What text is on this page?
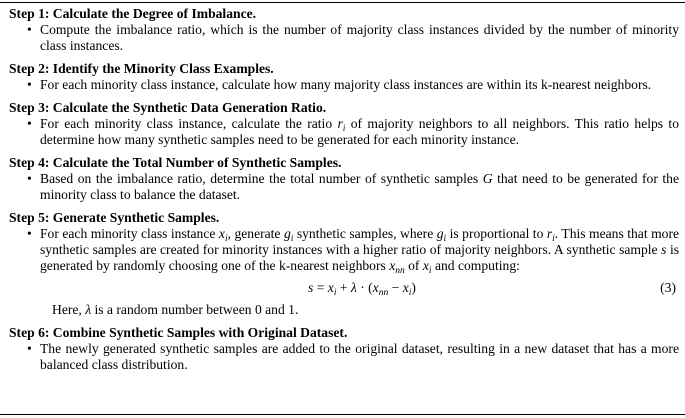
Step 1: Calculate the Degree of Imbalance.
• Compute the imbalance ratio, which is the number of majority class instances divided by the number of minority class instances.
Step 2: Identify the Minority Class Examples.
• For each minority class instance, calculate how many majority class instances are within its k-nearest neighbors.
Step 3: Calculate the Synthetic Data Generation Ratio.
• For each minority class instance, calculate the ratio $r_i$ of majority neighbors to all neighbors. This ratio helps to determine how many synthetic samples need to be generated for each minority instance.
Step 4: Calculate the Total Number of Synthetic Samples.
• Based on the imbalance ratio, determine the total number of synthetic samples G that need to be generated for the minority class to balance the dataset.
Step 5: Generate Synthetic Samples.
• For each minority class instance $x_i$, generate $g_i$ synthetic samples, where $g_i$ is proportional to $r_i$. This means that more synthetic samples are created for minority instances with a higher ratio of majority neighbors. A synthetic sample s is generated by randomly choosing one of the k-nearest neighbors $x_{nn}$ of $x_i$ and computing:
$s = x_i + \lambda \cdot (x_{nn} - x_i)$	(3)
Here, λ is a random number between 0 and 1.
Step 6: Combine Synthetic Samples with Original Dataset.
• The newly generated synthetic samples are added to the original dataset, resulting in a new dataset that has a more balanced class distribution.
